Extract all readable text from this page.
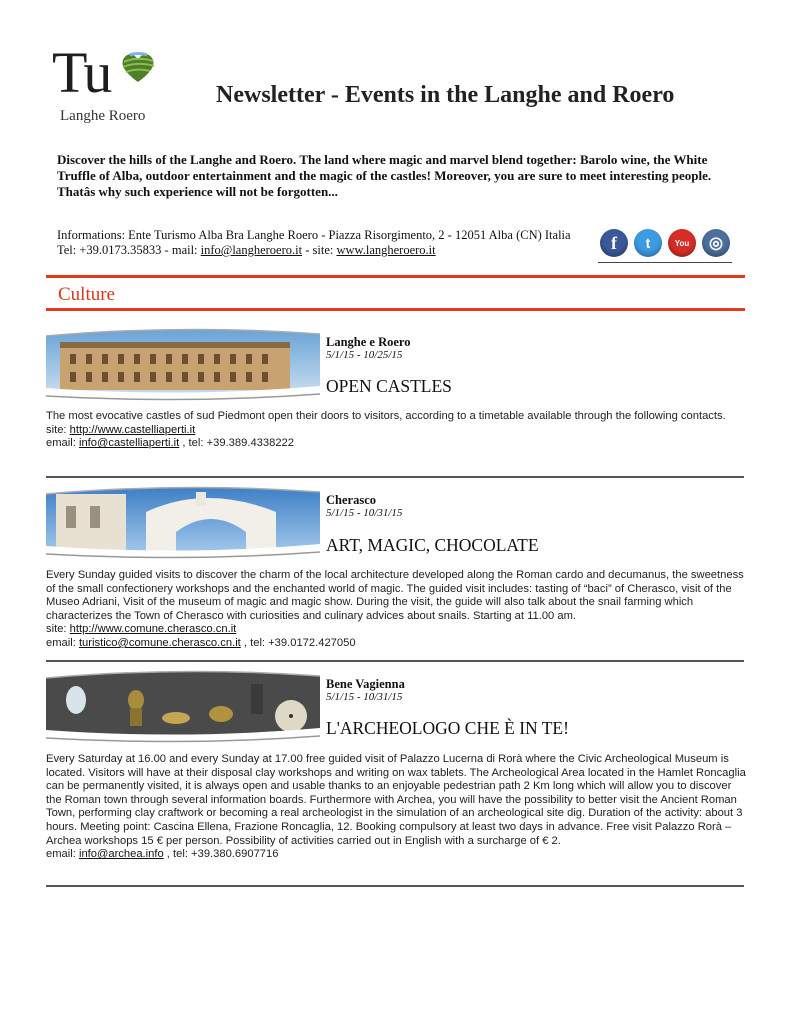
Tu
Langhe Roero
Newsletter - Events in the Langhe and Roero
Discover the hills of the Langhe and Roero. The land where magic and marvel blend together: Barolo wine, the White Truffle of Alba, outdoor entertainment and the magic of the castles! Moreover, you are sure to meet interesting people. Thatâs why such experience will not be forgotten...
Informations: Ente Turismo Alba Bra Langhe Roero - Piazza Risorgimento, 2 - 12051 Alba (CN) Italia
Tel: +39.0173.35833 - mail: info@langheroero.it - site: www.langheroero.it	f	t	You	◎
Culture
Langhe e Roero
5/1/15 - 10/25/15
OPEN CASTLES
The most evocative castles of sud Piedmont open their doors to visitors, according to a timetable available through the following contacts.
site: http://www.castelliaperti.it
email: info@castelliaperti.it , tel: +39.389.4338222
Cherasco
5/1/15 - 10/31/15
ART, MAGIC, CHOCOLATE
Every Sunday guided visits to discover the charm of the local architecture developed along the Roman cardo and decumanus, the sweetness of the small confectionery workshops and the enchanted world of magic. The guided visit includes: tasting of “baci” of Cherasco, visit of the Museo Adriani, Visit of the museum of magic and magic show. During the visit, the guide will also talk about the snail farming which characterizes the Town of Cherasco with curiosities and culinary advices about snails. Starting at 11.00 am.
site: http://www.comune.cherasco.cn.it
email: turistico@comune.cherasco.cn.it , tel: +39.0172.427050
Bene Vagienna
5/1/15 - 10/31/15
L'ARCHEOLOGO CHE È IN TE!
Every Saturday at 16.00 and every Sunday at 17.00 free guided visit of Palazzo Lucerna di Rorà where the Civic Archeological Museum is located. Visitors will have at their disposal clay workshops and writing on wax tablets. The Archeological Area located in the Hamlet Roncaglia can be permanently visited, it is always open and usable thanks to an enjoyable pedestrian path 2 Km long which will allow you to discover the Roman town through several information boards. Furthermore with Archea, you will have the possibility to better visit the Ancient Roman Town, performing clay craftwork or becoming a real archeologist in the simulation of an archeological site dig. Duration of the activity: about 3 hours. Meeting point: Cascina Ellena, Frazione Roncaglia, 12. Booking compulsory at least two days in advance. Free visit Palazzo Rorà – Archea workshops 15 € per person. Possibility of activities carried out in English with a surcharge of € 2.
email: info@archea.info , tel: +39.380.6907716
